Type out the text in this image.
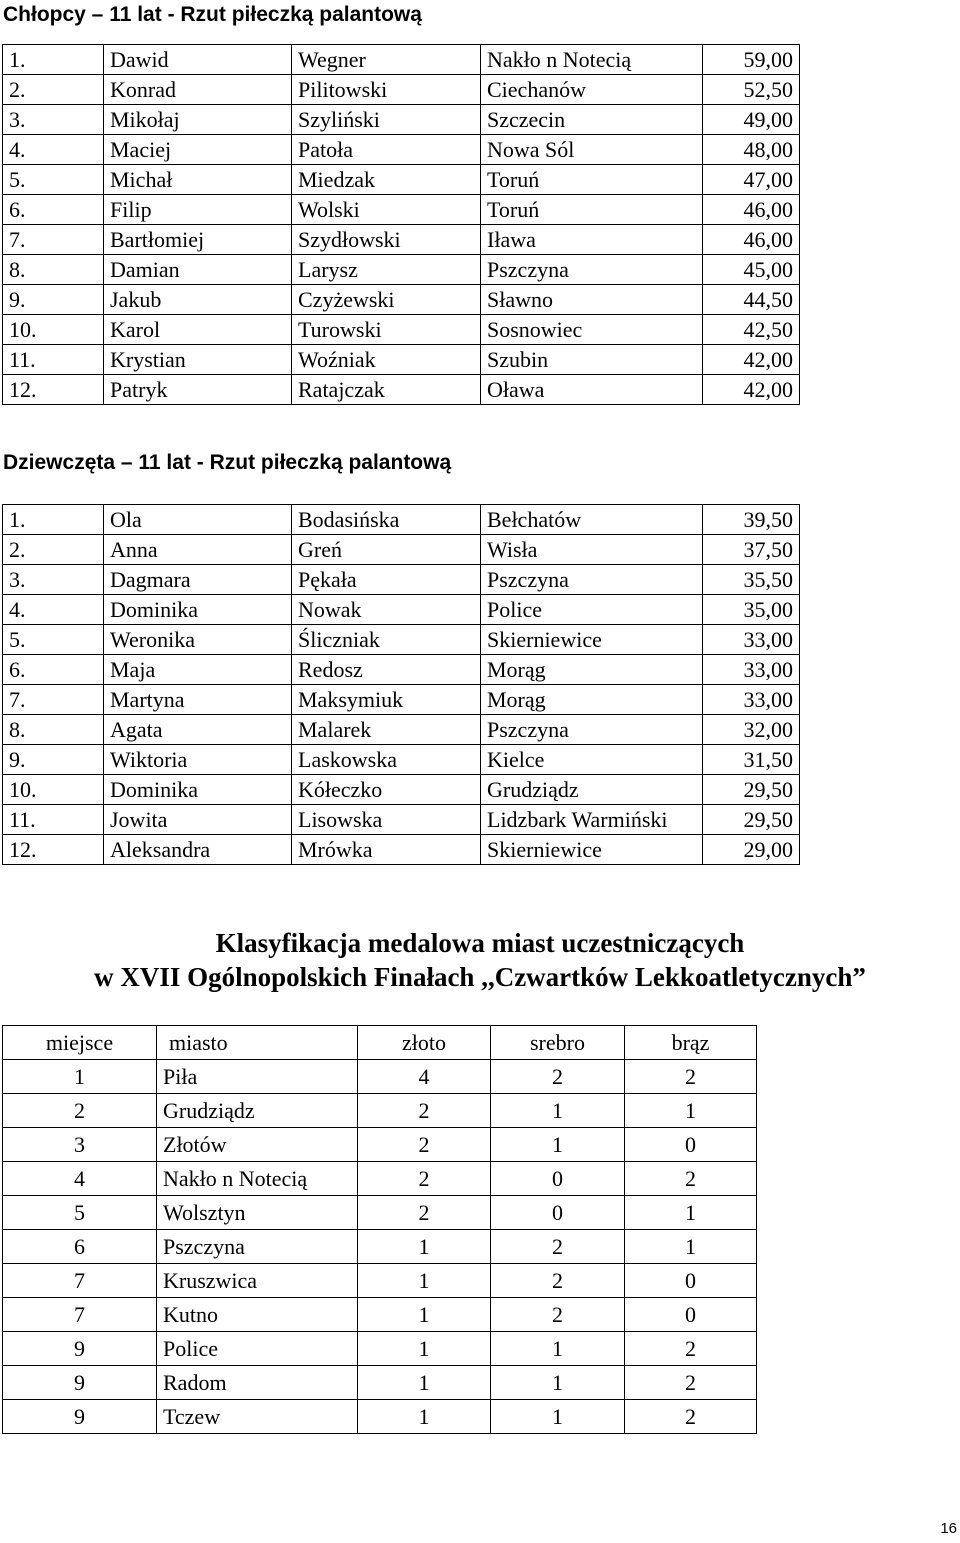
Chłopcy – 11 lat - Rzut piłeczką palantową
1.	Dawid	Wegner	Nakło n Notecią	59,00
2.	Konrad	Pilitowski	Ciechanów	52,50
3.	Mikołaj	Szyliński	Szczecin	49,00
4.	Maciej	Patoła	Nowa Sól	48,00
5.	Michał	Miedzak	Toruń	47,00
6.	Filip	Wolski	Toruń	46,00
7.	Bartłomiej	Szydłowski	Iława	46,00
8.	Damian	Larysz	Pszczyna	45,00
9.	Jakub	Czyżewski	Sławno	44,50
10.	Karol	Turowski	Sosnowiec	42,50
11.	Krystian	Woźniak	Szubin	42,00
12.	Patryk	Ratajczak	Oława	42,00
Dziewczęta – 11 lat - Rzut piłeczką palantową
1.	Ola	Bodasińska	Bełchatów	39,50
2.	Anna	Greń	Wisła	37,50
3.	Dagmara	Pękała	Pszczyna	35,50
4.	Dominika	Nowak	Police	35,00
5.	Weronika	Śliczniak	Skierniewice	33,00
6.	Maja	Redosz	Morąg	33,00
7.	Martyna	Maksymiuk	Morąg	33,00
8.	Agata	Malarek	Pszczyna	32,00
9.	Wiktoria	Laskowska	Kielce	31,50
10.	Dominika	Kółeczko	Grudziądz	29,50
11.	Jowita	Lisowska	Lidzbark Warmiński	29,50
12.	Aleksandra	Mrówka	Skierniewice	29,00
Klasyfikacja medalowa miast uczestniczących
w XVII Ogólnopolskich Finałach ,,Czwartków Lekkoatletycznych”
miejsce	miasto	złoto	srebro	brąz
1	Piła	4	2	2
2	Grudziądz	2	1	1
3	Złotów	2	1	0
4	Nakło n Notecią	2	0	2
5	Wolsztyn	2	0	1
6	Pszczyna	1	2	1
7	Kruszwica	1	2	0
7	Kutno	1	2	0
9	Police	1	1	2
9	Radom	1	1	2
9	Tczew	1	1	2
16
